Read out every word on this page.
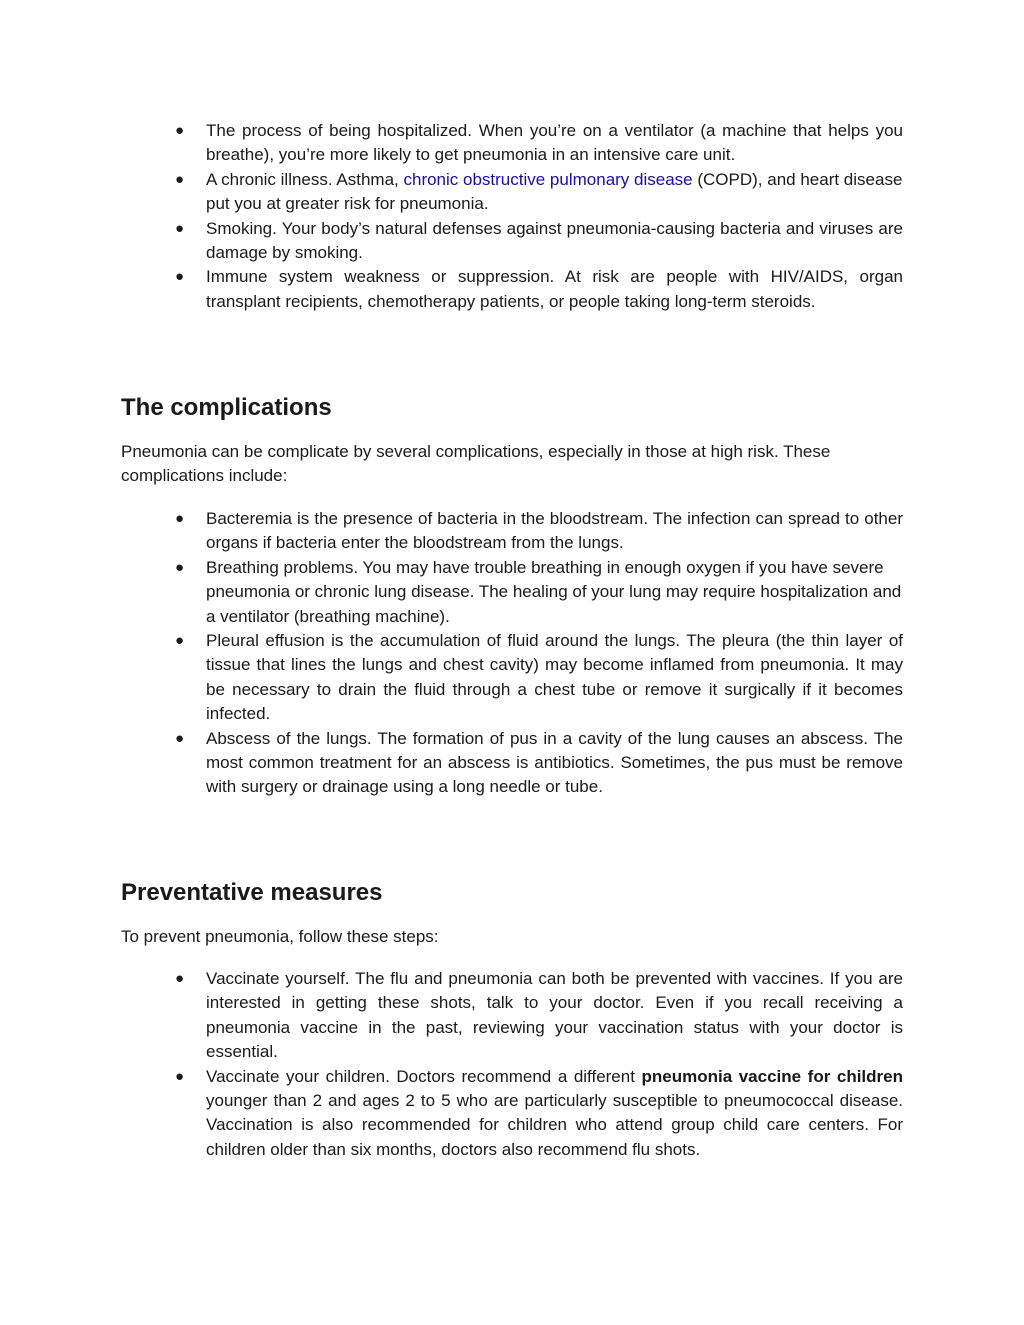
● The process of being hospitalized. When you’re on a ventilator (a machine that helps you breathe), you’re more likely to get pneumonia in an intensive care unit.
● A chronic illness. Asthma, chronic obstructive pulmonary disease (COPD), and heart disease put you at greater risk for pneumonia.
● Smoking. Your body’s natural defenses against pneumonia-causing bacteria and viruses are damage by smoking.
● Immune system weakness or suppression. At risk are people with HIV/AIDS, organ transplant recipients, chemotherapy patients, or people taking long-term steroids.
The complications

Pneumonia can be complicate by several complications, especially in those at high risk. These complications include:

● Bacteremia is the presence of bacteria in the bloodstream. The infection can spread to other organs if bacteria enter the bloodstream from the lungs.
● Breathing problems. You may have trouble breathing in enough oxygen if you have severe pneumonia or chronic lung disease. The healing of your lung may require hospitalization and a ventilator (breathing machine).
● Pleural effusion is the accumulation of fluid around the lungs. The pleura (the thin layer of tissue that lines the lungs and chest cavity) may become inflamed from pneumonia. It may be necessary to drain the fluid through a chest tube or remove it surgically if it becomes infected.
● Abscess of the lungs. The formation of pus in a cavity of the lung causes an abscess. The most common treatment for an abscess is antibiotics. Sometimes, the pus must be remove with surgery or drainage using a long needle or tube.
Preventative measures

To prevent pneumonia, follow these steps:

● Vaccinate yourself. The flu and pneumonia can both be prevented with vaccines. If you are interested in getting these shots, talk to your doctor. Even if you recall receiving a pneumonia vaccine in the past, reviewing your vaccination status with your doctor is essential.
● Vaccinate your children. Doctors recommend a different pneumonia vaccine for children younger than 2 and ages 2 to 5 who are particularly susceptible to pneumococcal disease. Vaccination is also recommended for children who attend group child care centers. For children older than six months, doctors also recommend flu shots.
